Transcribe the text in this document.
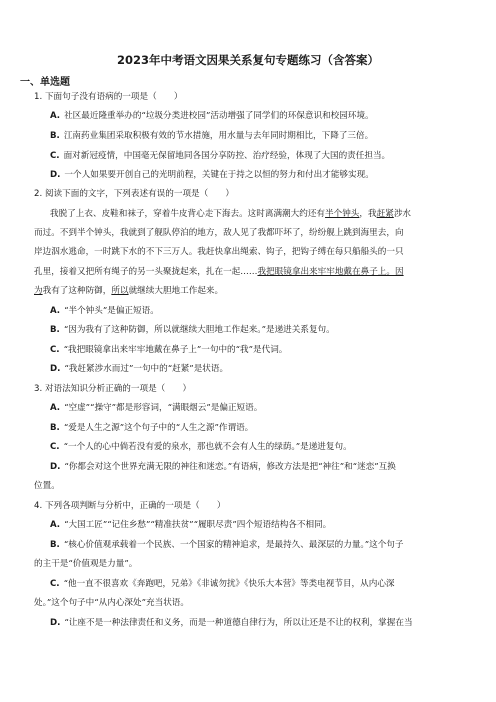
2023年中考语文因果关系复句专题练习（含答案）
一、单选题
1. 下面句子没有语病的一项是（　　）
A. 社区最近隆重举办的“垃圾分类进校园”活动增强了同学们的环保意识和校园环境。
B. 江南药业集团采取积极有效的节水措施，用水量与去年同时期相比，下降了三倍。
C. 面对新冠疫情，中国毫无保留地同各国分享防控、治疗经验，体现了大国的责任担当。
D. 一个人如果要开创自己的光明前程，关键在于持之以恒的努力和付出才能够实现。
2. 阅读下面的文字，下列表述有误的一项是（　　）
我脱了上衣、皮鞋和袜子，穿着牛皮背心走下海去。这时离满潮大约还有半个钟头，我赶紧涉水
而过。不到半个钟头，我就到了舰队停泊的地方，敌人见了我都吓坏了，纷纷舰上跳到海里去，向
岸边泅水逃命，一时跳下水的不下三万人。我赶快拿出绳索、钩子，把钩子缚在每只船船头的一只
孔里，接着又把所有绳子的另一头聚拢起来，扎在一起……我把眼镜拿出来牢牢地戴在鼻子上。因
为我有了这种防御，所以就继续大胆地工作起来。
A. “半个钟头”是偏正短语。
B. “因为我有了这种防御，所以就继续大胆地工作起来。”是递进关系复句。
C. “我把眼镜拿出来牢牢地戴在鼻子上”一句中的“我”是代词。
D. “我赶紧涉水而过”一句中的“赶紧”是状语。
3. 对语法知识分析正确的一项是（　　）
A. “空虚”“操守”都是形容词，“满眼烟云”是偏正短语。
B. “爱是人生之源”这个句子中的“人生之源”作谓语。
C. “一个人的心中倘若没有爱的泉水，那也就不会有人生的绿荫。”是递进复句。
D. “你都会对这个世界充满无限的神往和迷恋。”有语病，修改方法是把“神往”和“迷恋”互换
位置。
4. 下列各项判断与分析中，正确的一项是（　　）
A. “大国工匠”“记住乡愁”“精准扶贫”“履职尽责”四个短语结构各不相同。
B. “核心价值观承载着一个民族、一个国家的精神追求，是最持久、最深层的力量。”这个句子
的主干是“价值观是力量”。
C. “他一直不很喜欢《奔跑吧，兄弟》《非诚勿扰》《快乐大本营》等类电视节目，从内心深
处。”这个句子中“从内心深处”充当状语。
D. “让座不是一种法律责任和义务，而是一种道德自律行为，所以让还是不让的权利，掌握在当
